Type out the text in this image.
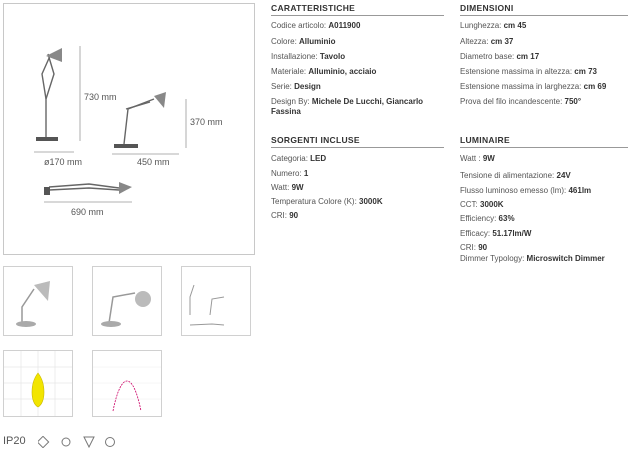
730 mm
370 mm
ø170 mm	450 mm
690 mm
IP20
CARATTERISTICHE
Codice articolo: A011900
Colore: Alluminio
Installazione: Tavolo
Materiale: Alluminio, acciaio
Serie: Design
Design By: Michele De Lucchi, Giancarlo
Fassina
DIMENSIONI
Lunghezza: cm 45
Altezza: cm 37
Diametro base: cm 17
Estensione massima in altezza: cm 73
Estensione massima in larghezza: cm 69
Prova del filo incandescente: 750°
SORGENTI INCLUSE
Categoria: LED
Numero: 1
Watt: 9W
Temperatura Colore (K): 3000K
CRI: 90
LUMINAIRE
Watt : 9W
Tensione di alimentazione: 24V
Flusso luminoso emesso (lm): 461lm
CCT: 3000K
Efficiency: 63%
Efficacy: 51.17lm/W
CRI: 90
Dimmer Typology: Microswitch Dimmer
